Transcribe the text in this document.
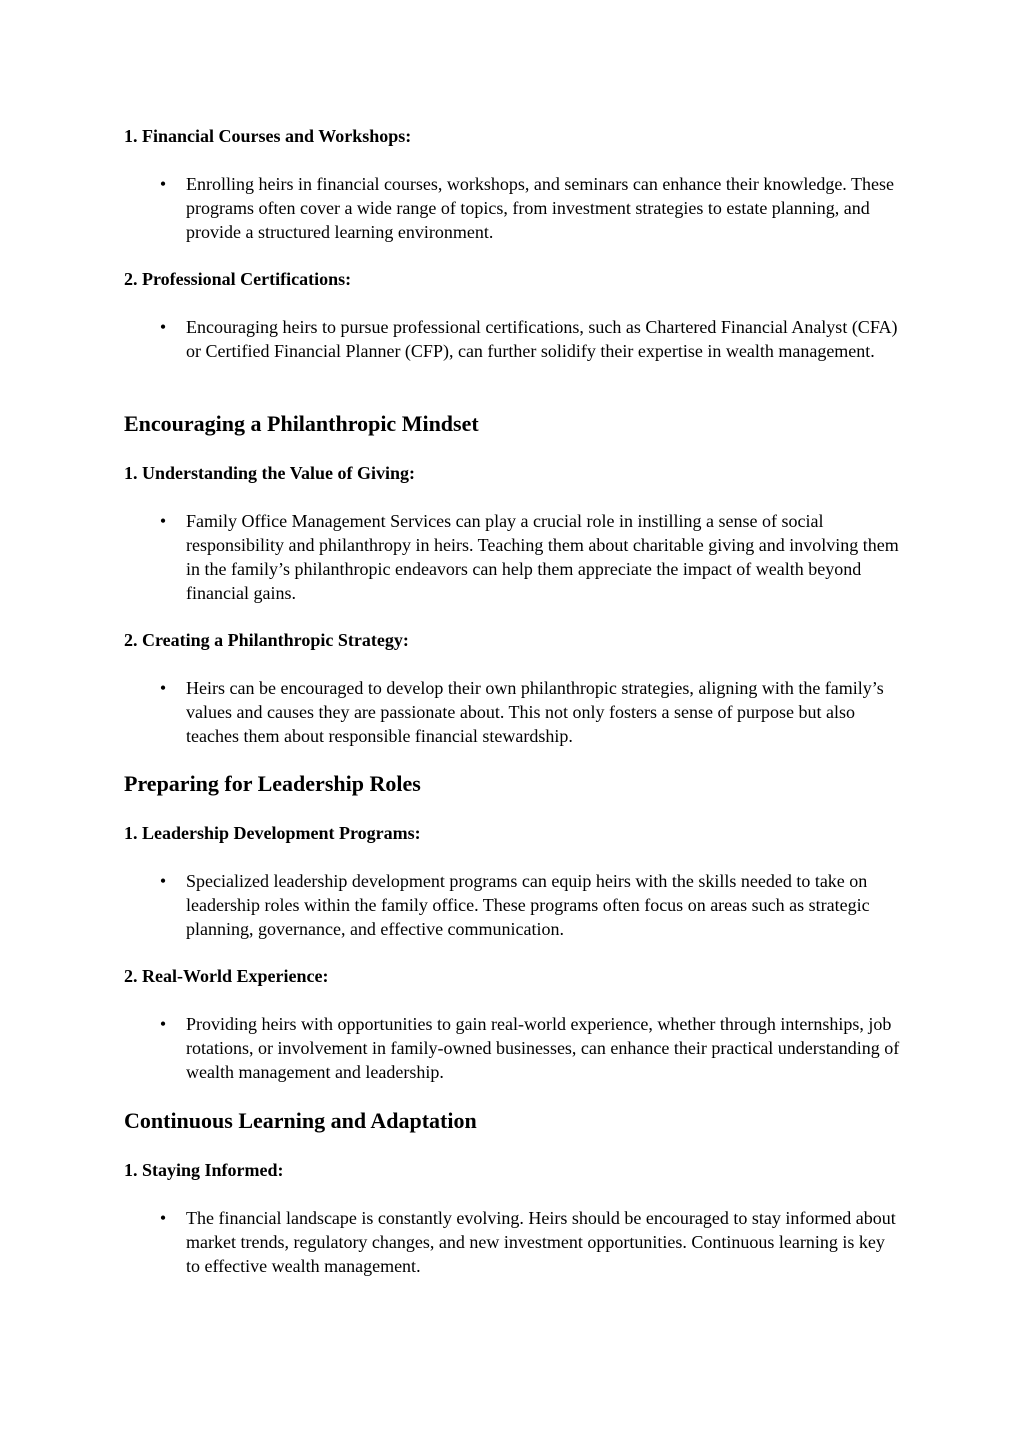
1. Financial Courses and Workshops:

• Enrolling heirs in financial courses, workshops, and seminars can enhance their knowledge. These programs often cover a wide range of topics, from investment strategies to estate planning, and provide a structured learning environment.

2. Professional Certifications:

• Encouraging heirs to pursue professional certifications, such as Chartered Financial Analyst (CFA) or Certified Financial Planner (CFP), can further solidify their expertise in wealth management.
Encouraging a Philanthropic Mindset

1. Understanding the Value of Giving:

• Family Office Management Services can play a crucial role in instilling a sense of social responsibility and philanthropy in heirs. Teaching them about charitable giving and involving them in the family’s philanthropic endeavors can help them appreciate the impact of wealth beyond financial gains.

2. Creating a Philanthropic Strategy:

• Heirs can be encouraged to develop their own philanthropic strategies, aligning with the family’s values and causes they are passionate about. This not only fosters a sense of purpose but also teaches them about responsible financial stewardship.
Preparing for Leadership Roles

1. Leadership Development Programs:

• Specialized leadership development programs can equip heirs with the skills needed to take on leadership roles within the family office. These programs often focus on areas such as strategic planning, governance, and effective communication.

2. Real-World Experience:

• Providing heirs with opportunities to gain real-world experience, whether through internships, job rotations, or involvement in family-owned businesses, can enhance their practical understanding of wealth management and leadership.
Continuous Learning and Adaptation

1. Staying Informed:

• The financial landscape is constantly evolving. Heirs should be encouraged to stay informed about market trends, regulatory changes, and new investment opportunities. Continuous learning is key to effective wealth management.
